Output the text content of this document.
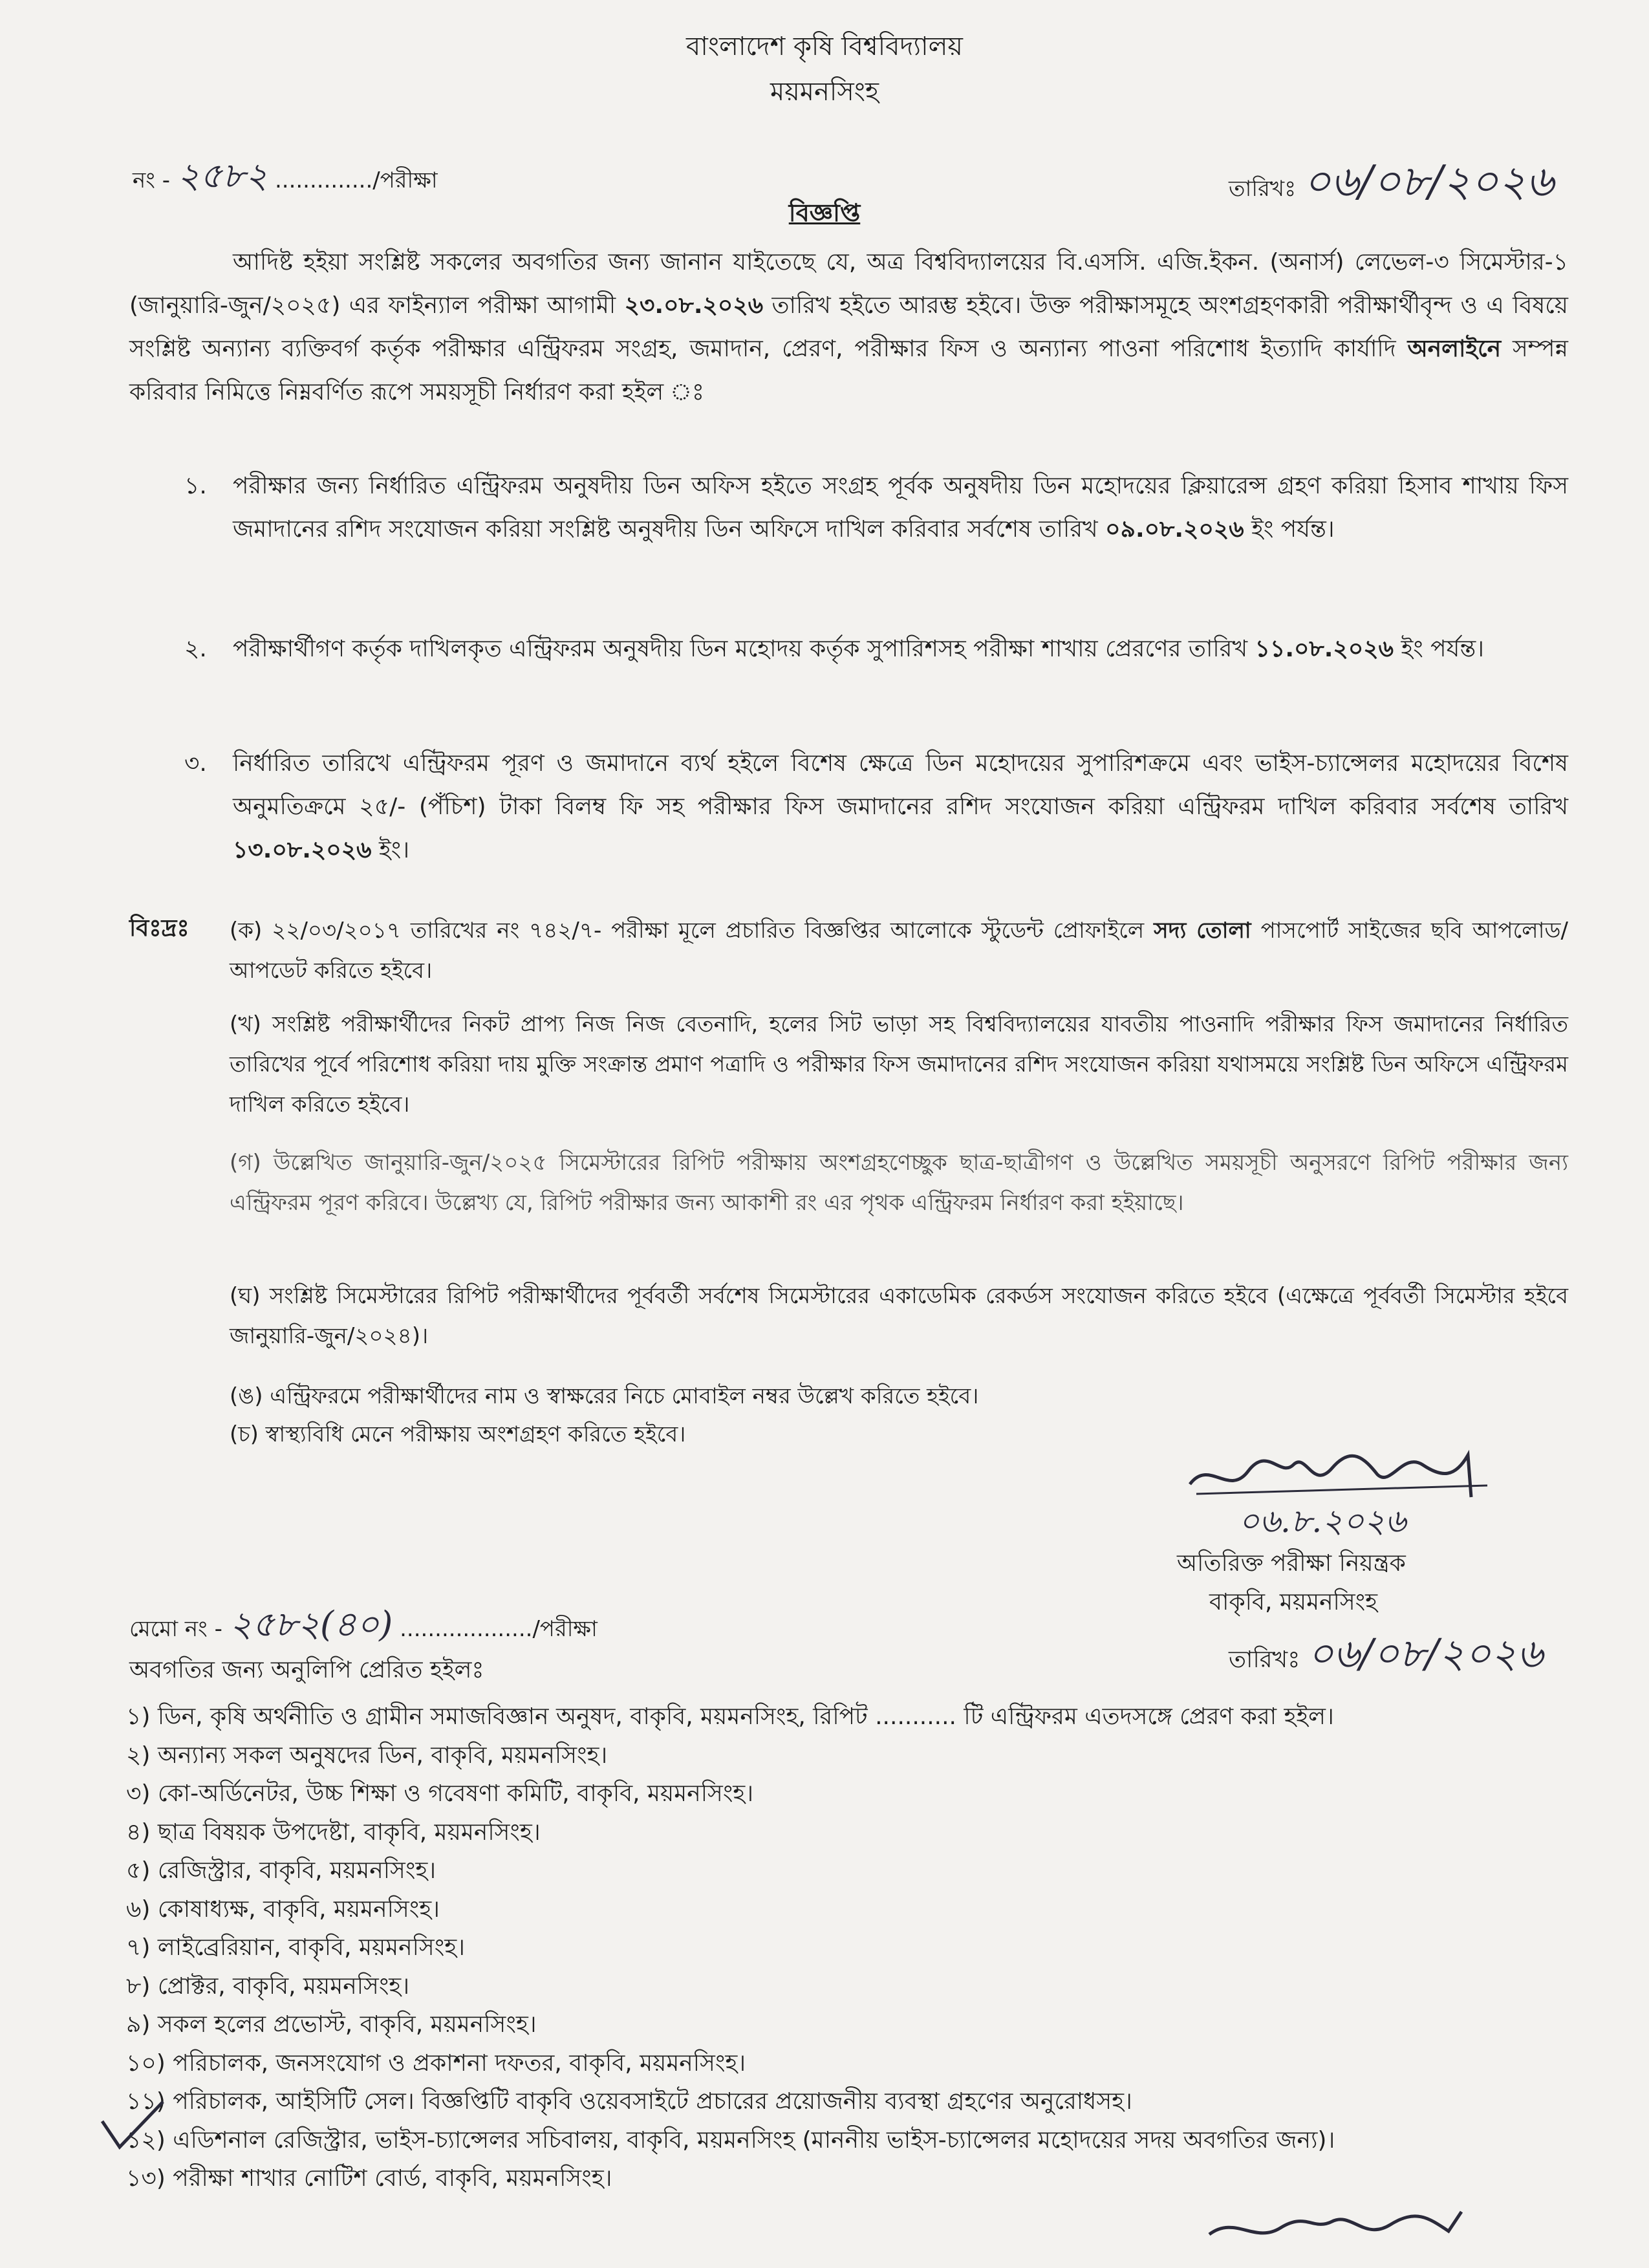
বাংলাদেশ কৃষি বিশ্ববিদ্যালয়
ময়মনসিংহ
নং - ২৫৮২ ............../পরীক্ষা	তারিখঃ ০৬/০৮/২০২৬
বিজ্ঞপ্তি
আদিষ্ট হইয়া সংশ্লিষ্ট সকলের অবগতির জন্য জানান যাইতেছে যে, অত্র বিশ্ববিদ্যালয়ের বি.এসসি. এজি.ইকন. (অনার্স) লেভেল-৩ সিমেস্টার-১ (জানুয়ারি-জুন/২০২৫) এর ফাইন্যাল পরীক্ষা আগামী ২৩.০৮.২০২৬ তারিখ হইতে আরম্ভ হইবে। উক্ত পরীক্ষাসমূহে অংশগ্রহণকারী পরীক্ষার্থীবৃন্দ ও এ বিষয়ে সংশ্লিষ্ট অন্যান্য ব্যক্তিবর্গ কর্তৃক পরীক্ষার এন্ট্রিফরম সংগ্রহ, জমাদান, প্রেরণ, পরীক্ষার ফিস ও অন্যান্য পাওনা পরিশোধ ইত্যাদি কার্যাদি অনলাইনে সম্পন্ন করিবার নিমিত্তে নিম্নবর্ণিত রূপে সময়সূচী নির্ধারণ করা হইল ঃ
১. পরীক্ষার জন্য নির্ধারিত এন্ট্রিফরম অনুষদীয় ডিন অফিস হইতে সংগ্রহ পূর্বক অনুষদীয় ডিন মহোদয়ের ক্লিয়ারেন্স গ্রহণ করিয়া হিসাব শাখায় ফিস জমাদানের রশিদ সংযোজন করিয়া সংশ্লিষ্ট অনুষদীয় ডিন অফিসে দাখিল করিবার সর্বশেষ তারিখ ০৯.০৮.২০২৬ ইং পর্যন্ত।
২. পরীক্ষার্থীগণ কর্তৃক দাখিলকৃত এন্ট্রিফরম অনুষদীয় ডিন মহোদয় কর্তৃক সুপারিশসহ পরীক্ষা শাখায় প্রেরণের তারিখ ১১.০৮.২০২৬ ইং পর্যন্ত।
৩. নির্ধারিত তারিখে এন্ট্রিফরম পূরণ ও জমাদানে ব্যর্থ হইলে বিশেষ ক্ষেত্রে ডিন মহোদয়ের সুপারিশক্রমে এবং ভাইস-চ্যান্সেলর মহোদয়ের বিশেষ অনুমতিক্রমে ২৫/- (পঁচিশ) টাকা বিলম্ব ফি সহ পরীক্ষার ফিস জমাদানের রশিদ সংযোজন করিয়া এন্ট্রিফরম দাখিল করিবার সর্বশেষ তারিখ ১৩.০৮.২০২৬ ইং।
বিঃদ্রঃ (ক) ২২/০৩/২০১৭ তারিখের নং ৭৪২/৭- পরীক্ষা মূলে প্রচারিত বিজ্ঞপ্তির আলোকে স্টুডেন্ট প্রোফাইলে সদ্য তোলা পাসপোর্ট সাইজের ছবি আপলোড/আপডেট করিতে হইবে।
(খ) সংশ্লিষ্ট পরীক্ষার্থীদের নিকট প্রাপ্য নিজ নিজ বেতনাদি, হলের সিট ভাড়া সহ বিশ্ববিদ্যালয়ের যাবতীয় পাওনাদি পরীক্ষার ফিস জমাদানের নির্ধারিত তারিখের পূর্বে পরিশোধ করিয়া দায় মুক্তি সংক্রান্ত প্রমাণ পত্রাদি ও পরীক্ষার ফিস জমাদানের রশিদ সংযোজন করিয়া যথাসময়ে সংশ্লিষ্ট ডিন অফিসে এন্ট্রিফরম দাখিল করিতে হইবে।
(গ) উল্লেখিত জানুয়ারি-জুন/২০২৫ সিমেস্টারের রিপিট পরীক্ষায় অংশগ্রহণেচ্ছুক ছাত্র-ছাত্রীগণ ও উল্লেখিত সময়সূচী অনুসরণে রিপিট পরীক্ষার জন্য এন্ট্রিফরম পূরণ করিবে। উল্লেখ্য যে, রিপিট পরীক্ষার জন্য আকাশী রং এর পৃথক এন্ট্রিফরম নির্ধারণ করা হইয়াছে।
(ঘ) সংশ্লিষ্ট সিমেস্টারের রিপিট পরীক্ষার্থীদের পূর্ববর্তী সর্বশেষ সিমেস্টারের একাডেমিক রেকর্ডস সংযোজন করিতে হইবে (এক্ষেত্রে পূর্ববর্তী সিমেস্টার হইবে জানুয়ারি-জুন/২০২৪)।
(ঙ) এন্ট্রিফরমে পরীক্ষার্থীদের নাম ও স্বাক্ষরের নিচে মোবাইল নম্বর উল্লেখ করিতে হইবে।
(চ) স্বাস্থ্যবিধি মেনে পরীক্ষায় অংশগ্রহণ করিতে হইবে।
০৬.৮.২০২৬
অতিরিক্ত পরীক্ষা নিয়ন্ত্রক
বাকৃবি, ময়মনসিংহ
তারিখঃ ০৬/০৮/২০২৬
মেমো নং - ২৫৮২(৪০) .................../পরীক্ষা
অবগতির জন্য অনুলিপি প্রেরিত হইলঃ
১) ডিন, কৃষি অর্থনীতি ও গ্রামীন সমাজবিজ্ঞান অনুষদ, বাকৃবি, ময়মনসিংহ, রিপিট ........... টি এন্ট্রিফরম এতদসঙ্গে প্রেরণ করা হইল।
২) অন্যান্য সকল অনুষদের ডিন, বাকৃবি, ময়মনসিংহ।
৩) কো-অর্ডিনেটর, উচ্চ শিক্ষা ও গবেষণা কমিটি, বাকৃবি, ময়মনসিংহ।
৪) ছাত্র বিষয়ক উপদেষ্টা, বাকৃবি, ময়মনসিংহ।
৫) রেজিস্ট্রার, বাকৃবি, ময়মনসিংহ।
৬) কোষাধ্যক্ষ, বাকৃবি, ময়মনসিংহ।
৭) লাইব্রেরিয়ান, বাকৃবি, ময়মনসিংহ।
৮) প্রোক্টর, বাকৃবি, ময়মনসিংহ।
৯) সকল হলের প্রভোস্ট, বাকৃবি, ময়মনসিংহ।
১০) পরিচালক, জনসংযোগ ও প্রকাশনা দফতর, বাকৃবি, ময়মনসিংহ।
১১) পরিচালক, আইসিটি সেল। বিজ্ঞপ্তিটি বাকৃবি ওয়েবসাইটে প্রচারের প্রয়োজনীয় ব্যবস্থা গ্রহণের অনুরোধসহ।
১২) এডিশনাল রেজিস্ট্রার, ভাইস-চ্যান্সেলর সচিবালয়, বাকৃবি, ময়মনসিংহ (মাননীয় ভাইস-চ্যান্সেলর মহোদয়ের সদয় অবগতির জন্য)।
১৩) পরীক্ষা শাখার নোটিশ বোর্ড, বাকৃবি, ময়মনসিংহ।
